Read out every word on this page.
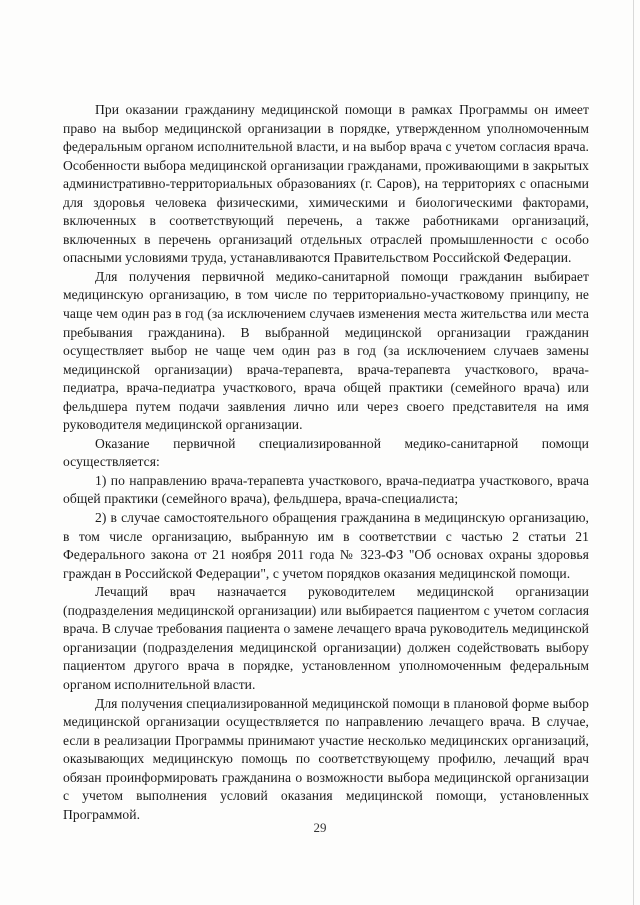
При оказании гражданину медицинской помощи в рамках Программы он имеет право на выбор медицинской организации в порядке, утвержденном уполномоченным федеральным органом исполнительной власти, и на выбор врача с учетом согласия врача. Особенности выбора медицинской организации гражданами, проживающими в закрытых административно-территориальных образованиях (г. Саров), на территориях с опасными для здоровья человека физическими, химическими и биологическими факторами, включенных в соответствующий перечень, а также работниками организаций, включенных в перечень организаций отдельных отраслей промышленности с особо опасными условиями труда, устанавливаются Правительством Российской Федерации.

Для получения первичной медико-санитарной помощи гражданин выбирает медицинскую организацию, в том числе по территориально-участковому принципу, не чаще чем один раз в год (за исключением случаев изменения места жительства или места пребывания гражданина). В выбранной медицинской организации гражданин осуществляет выбор не чаще чем один раз в год (за исключением случаев замены медицинской организации) врача-терапевта, врача-терапевта участкового, врача-педиатра, врача-педиатра участкового, врача общей практики (семейного врача) или фельдшера путем подачи заявления лично или через своего представителя на имя руководителя медицинской организации.

Оказание первичной специализированной медико-санитарной помощи осуществляется:

1) по направлению врача-терапевта участкового, врача-педиатра участкового, врача общей практики (семейного врача), фельдшера, врача-специалиста;

2) в случае самостоятельного обращения гражданина в медицинскую организацию, в том числе организацию, выбранную им в соответствии с частью 2 статьи 21 Федерального закона от 21 ноября 2011 года № 323-ФЗ "Об основах охраны здоровья граждан в Российской Федерации", с учетом порядков оказания медицинской помощи.

Лечащий врач назначается руководителем медицинской организации (подразделения медицинской организации) или выбирается пациентом с учетом согласия врача. В случае требования пациента о замене лечащего врача руководитель медицинской организации (подразделения медицинской организации) должен содействовать выбору пациентом другого врача в порядке, установленном уполномоченным федеральным органом исполнительной власти.

Для получения специализированной медицинской помощи в плановой форме выбор медицинской организации осуществляется по направлению лечащего врача. В случае, если в реализации Программы принимают участие несколько медицинских организаций, оказывающих медицинскую помощь по соответствующему профилю, лечащий врач обязан проинформировать гражданина о возможности выбора медицинской организации с учетом выполнения условий оказания медицинской помощи, установленных Программой.

29
